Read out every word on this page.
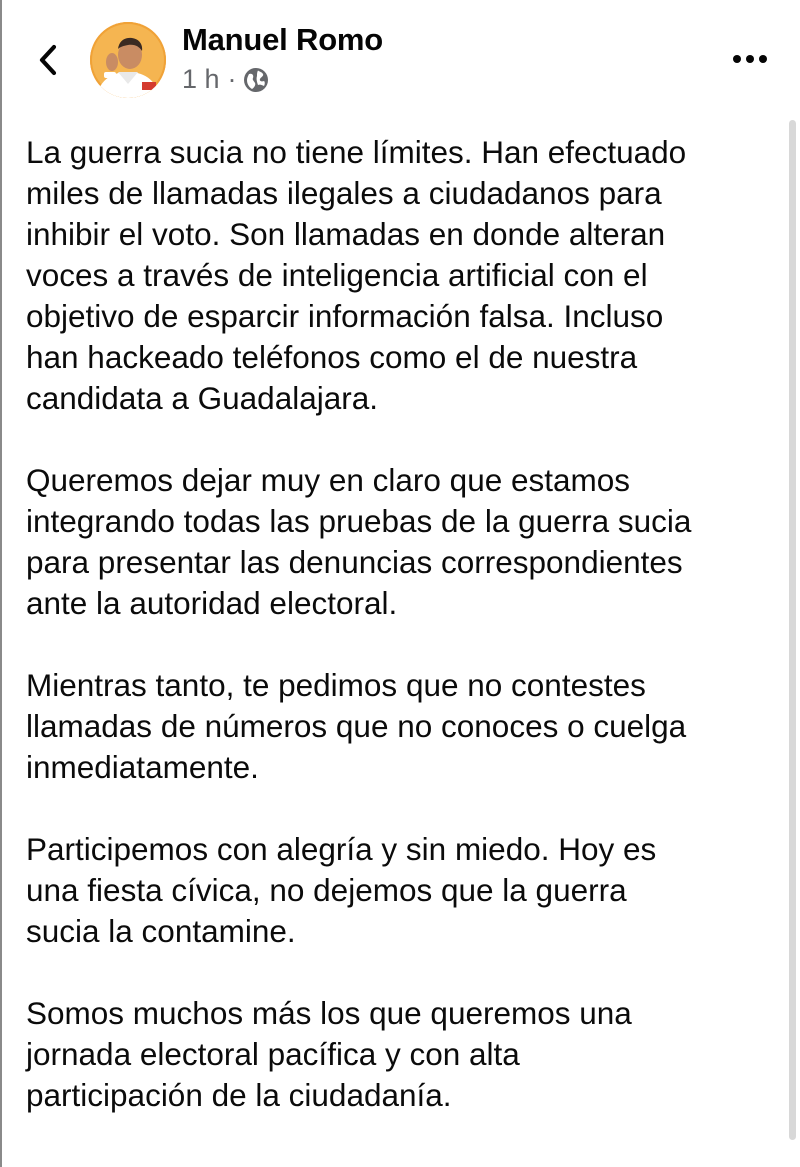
Manuel Romo
1 h ·

La guerra sucia no tiene límites. Han efectuado
miles de llamadas ilegales a ciudadanos para
inhibir el voto. Son llamadas en donde alteran
voces a través de inteligencia artificial con el
objetivo de esparcir información falsa. Incluso
han hackeado teléfonos como el de nuestra
candidata a Guadalajara.

Queremos dejar muy en claro que estamos
integrando todas las pruebas de la guerra sucia
para presentar las denuncias correspondientes
ante la autoridad electoral.

Mientras tanto, te pedimos que no contestes
llamadas de números que no conoces o cuelga
inmediatamente.

Participemos con alegría y sin miedo. Hoy es
una fiesta cívica, no dejemos que la guerra
sucia la contamine.

Somos muchos más los que queremos una
jornada electoral pacífica y con alta
participación de la ciudadanía.
